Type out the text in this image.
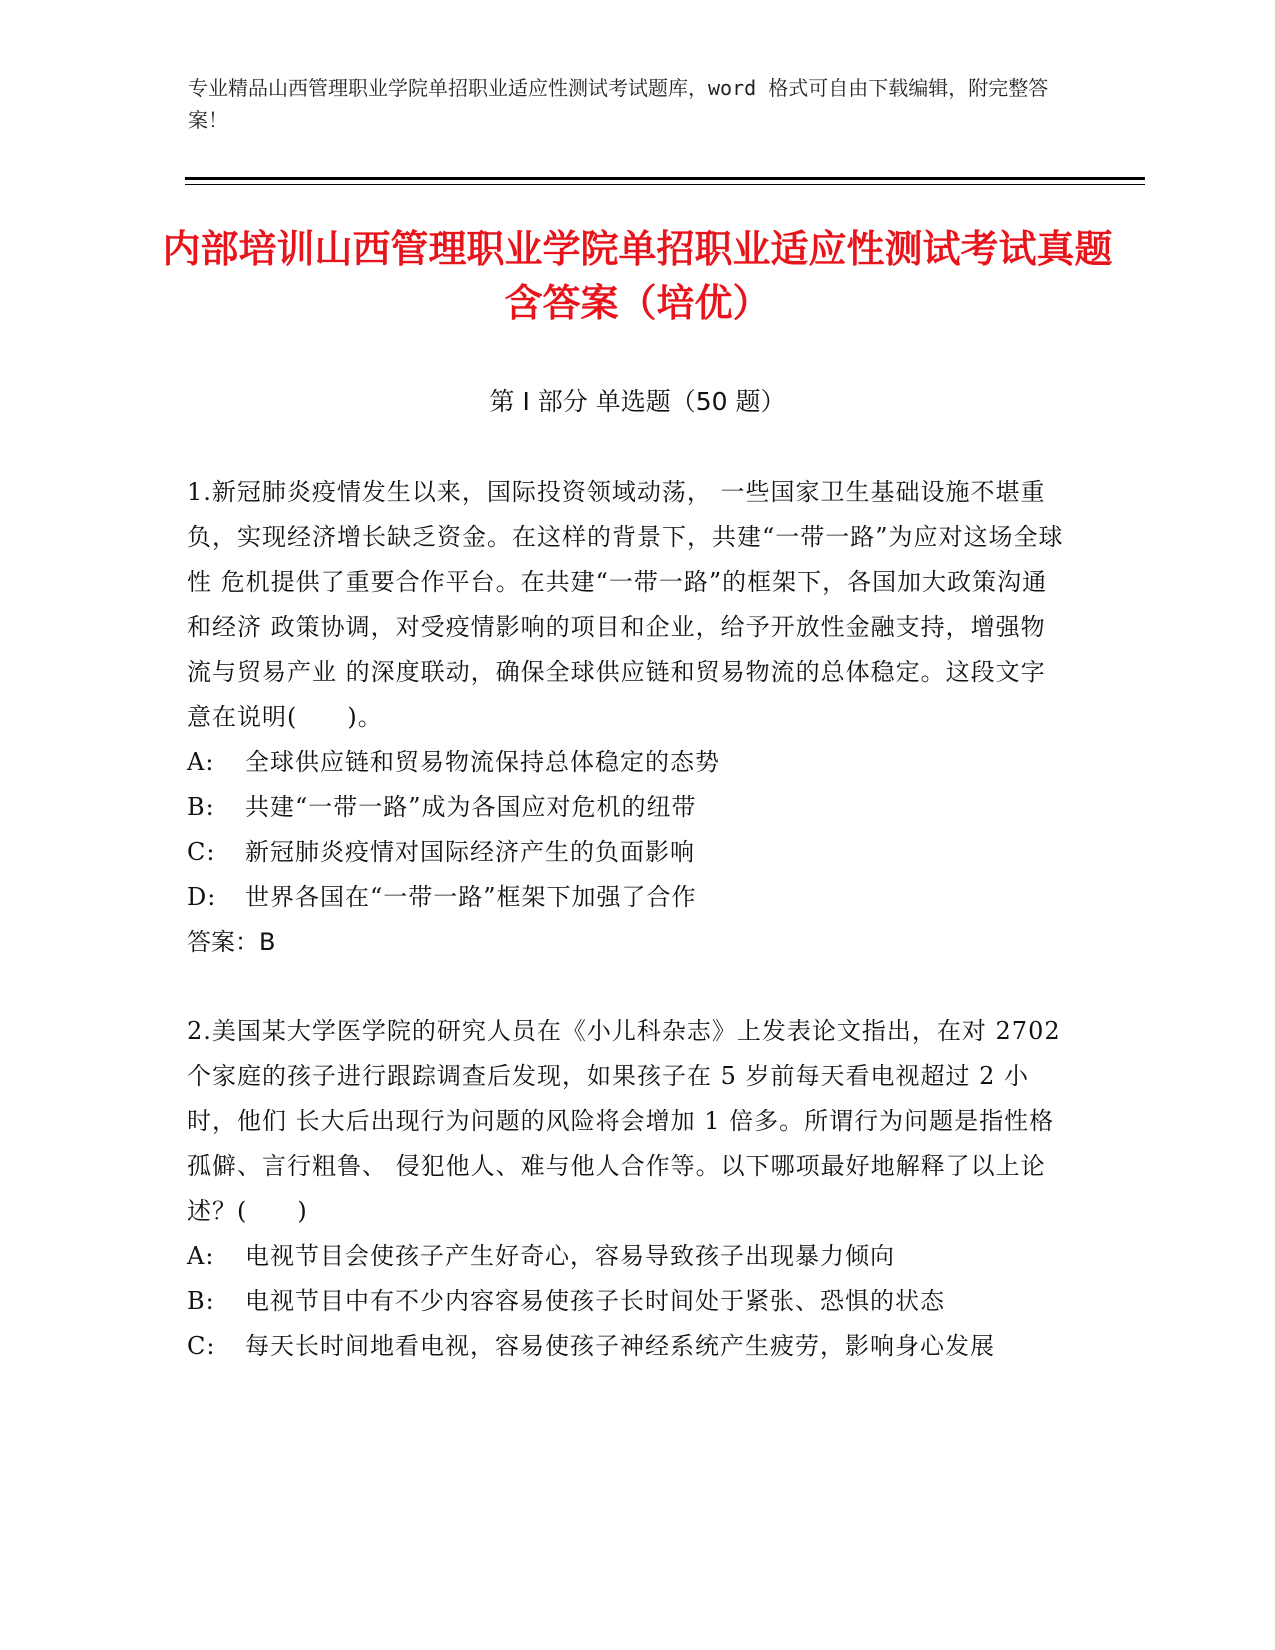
专业精品山西管理职业学院单招职业适应性测试考试题库，word 格式可自由下载编辑，附完整答案！
内部培训山西管理职业学院单招职业适应性测试考试真题含答案（培优）
第 I 部分 单选题（50 题）

1.新冠肺炎疫情发生以来，国际投资领域动荡， 一些国家卫生基础设施不堪重 负，实现经济增长缺乏资金。在这样的背景下，共建“一带一路”为应对这场全球性 危机提供了重要合作平台。在共建“一带一路”的框架下，各国加大政策沟通和经济 政策协调，对受疫情影响的项目和企业，给予开放性金融支持，增强物流与贸易产业 的深度联动，确保全球供应链和贸易物流的总体稳定。这段文字意在说明(　　)。

A:	全球供应链和贸易物流保持总体稳定的态势

B:	共建“一带一路”成为各国应对危机的纽带

C:	新冠肺炎疫情对国际经济产生的负面影响

D:	世界各国在“一带一路”框架下加强了合作

答案：B

2.美国某大学医学院的研究人员在《小儿科杂志》上发表论文指出，在对 2702 个家庭的孩子进行跟踪调查后发现，如果孩子在 5 岁前每天看电视超过 2 小时，他们 长大后出现行为问题的风险将会增加 1 倍多。所谓行为问题是指性格孤僻、言行粗鲁、 侵犯他人、难与他人合作等。以下哪项最好地解释了以上论述？(　　)

A:	电视节目会使孩子产生好奇心，容易导致孩子出现暴力倾向

B:	电视节目中有不少内容容易使孩子长时间处于紧张、恐惧的状态

C:	每天长时间地看电视，容易使孩子神经系统产生疲劳，影响身心发展
